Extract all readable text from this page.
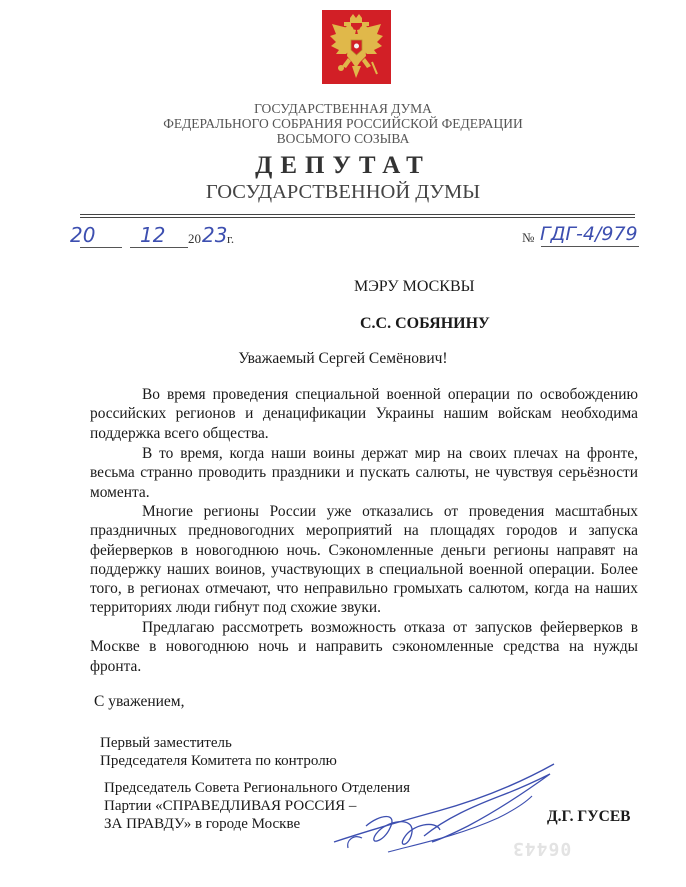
ГОСУДАРСТВЕННАЯ ДУМА
ФЕДЕРАЛЬНОГО СОБРАНИЯ РОССИЙСКОЙ ФЕДЕРАЦИИ
ВОСЬМОГО СОЗЫВА
ДЕПУТАТ
ГОСУДАРСТВЕННОЙ ДУМЫ
20 12 20 23 г.	№ ГДГ-4/979
МЭРУ МОСКВЫ
С.С. СОБЯНИНУ
Уважаемый Сергей Семёнович!
Во время проведения специальной военной операции по освобождению российских регионов и денацификации Украины нашим войскам необходима поддержка всего общества.
В то время, когда наши воины держат мир на своих плечах на фронте, весьма странно проводить праздники и пускать салюты, не чувствуя серьёзности момента.
Многие регионы России уже отказались от проведения масштабных праздничных предновогодних мероприятий на площадях городов и запуска фейерверков в новогоднюю ночь. Сэкономленные деньги регионы направят на поддержку наших воинов, участвующих в специальной военной операции. Более того, в регионах отмечают, что неправильно громыхать салютом, когда на наших территориях люди гибнут под схожие звуки.
Предлагаю рассмотреть возможность отказа от запусков фейерверков в Москве в новогоднюю ночь и направить сэкономленные средства на нужды фронта.
С уважением,
Первый заместитель
Председателя Комитета по контролю
Председатель Совета Регионального Отделения
Партии «СПРАВЕДЛИВАЯ РОССИЯ –
ЗА ПРАВДУ» в городе Москве
06443
Д.Г. ГУСЕВ
